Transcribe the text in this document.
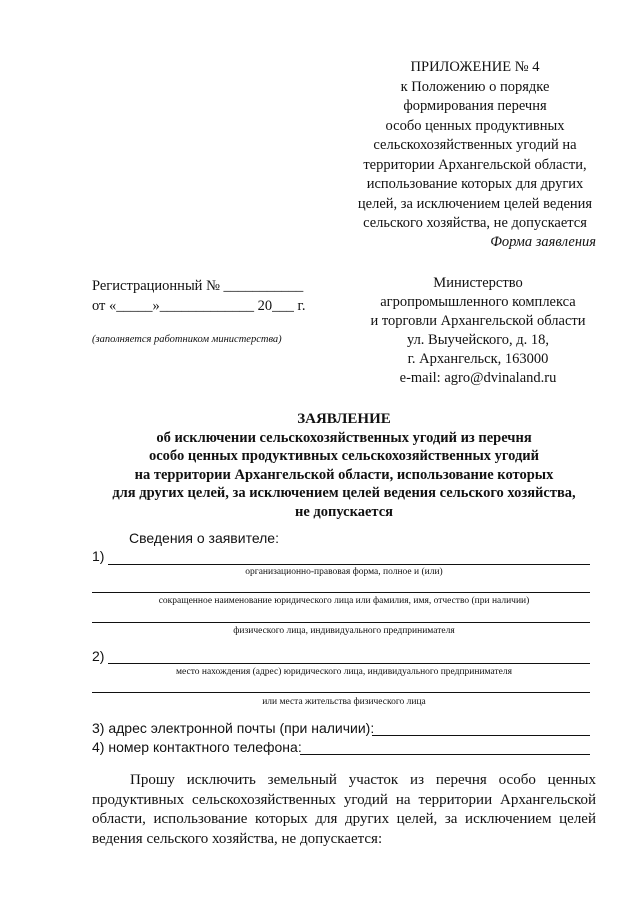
ПРИЛОЖЕНИЕ № 4
к Положению о порядке
формирования перечня
особо ценных продуктивных
сельскохозяйственных угодий на
территории Архангельской области,
использование которых для других
целей, за исключением целей ведения
сельского хозяйства, не допускается
Форма заявления
Регистрационный № ___________
от «_____»_____________ 20___ г.
(заполняется работником министерства)
Министерство
агропромышленного комплекса
и торговли Архангельской области
ул. Выучейского, д. 18,
г. Архангельск, 163000
e-mail: agro@dvinaland.ru
ЗАЯВЛЕНИЕ
об исключении сельскохозяйственных угодий из перечня
особо ценных продуктивных сельскохозяйственных угодий
на территории Архангельской области, использование которых
для других целей, за исключением целей ведения сельского хозяйства,
не допускается
Сведения о заявителе:
1)
организационно-правовая форма, полное и (или)
сокращенное наименование юридического лица или фамилия, имя, отчество (при наличии)
физического лица, индивидуального предпринимателя
2)
место нахождения (адрес) юридического лица, индивидуального предпринимателя
или места жительства физического лица
3) адрес электронной почты (при наличии):
4) номер контактного телефона:
Прошу исключить земельный участок из перечня особо ценных продуктивных сельскохозяйственных угодий на территории Архангельской области, использование которых для других целей, за исключением целей ведения сельского хозяйства, не допускается:
